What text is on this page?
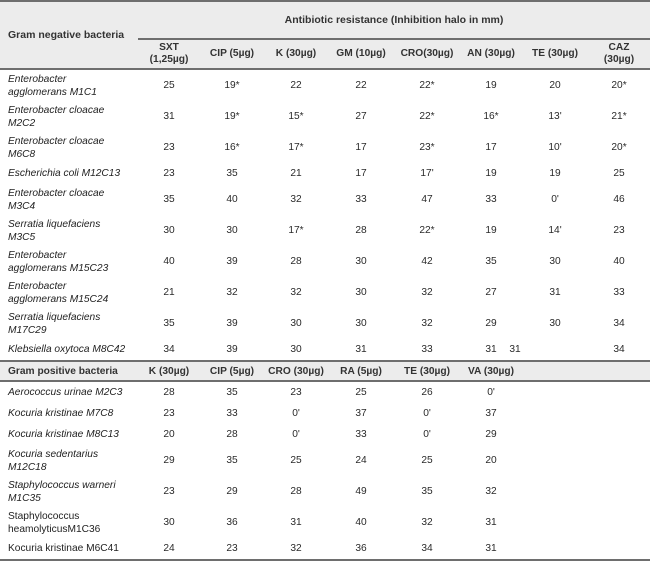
Gram negative bacteria	Antibiotic resistance (Inhibition halo in mm)							
	SXT
(1,25µg)	CIP (5µg)	K (30µg)	GM (10µg)	CRO(30µg)	AN (30µg)	TE (30µg)	CAZ
(30µg)
Enterobacter
agglomerans M1C1	25	19*	22	22	22*	19	20	20*
Enterobacter cloacae
M2C2	31	19*	15*	27	22*	16*	13'	21*
Enterobacter cloacae
M6C8	23	16*	17*	17	23*	17	10'	20*
Escherichia coli M12C13	23	35	21	17	17'	19	19	25
Enterobacter cloacae
M3C4	35	40	32	33	47	33	0'	46
Serratia liquefaciens
M3C5	30	30	17*	28	22*	19	14'	23
Enterobacter
agglomerans M15C23	40	39	28	30	42	35	30	40
Enterobacter
agglomerans M15C24	21	32	32	30	32	27	31	33
Serratia liquefaciens
M17C29	35	39	30	30	32	29	30	34
Klebsiella oxytoca M8C42	34	39	30	31	33	31	31	34
Gram positive bacteria	K (30µg)	CIP (5µg)	CRO (30µg)	RA (5µg)	TE (30µg)	VA (30µg)		
Aerococcus urinae M2C3	28	35	23	25	26	0'		
Kocuria kristinae M7C8	23	33	0'	37	0'	37		
Kocuria kristinae M8C13	20	28	0'	33	0'	29		
Kocuria sedentarius
M12C18	29	35	25	24	25	20		
Staphylococcus warneri
M1C35	23	29	28	49	35	32		
Staphylococcus
heamolyticusM1C36	30	36	31	40	32	31		
Kocuria kristinae M6C41	24	23	32	36	34	31		
